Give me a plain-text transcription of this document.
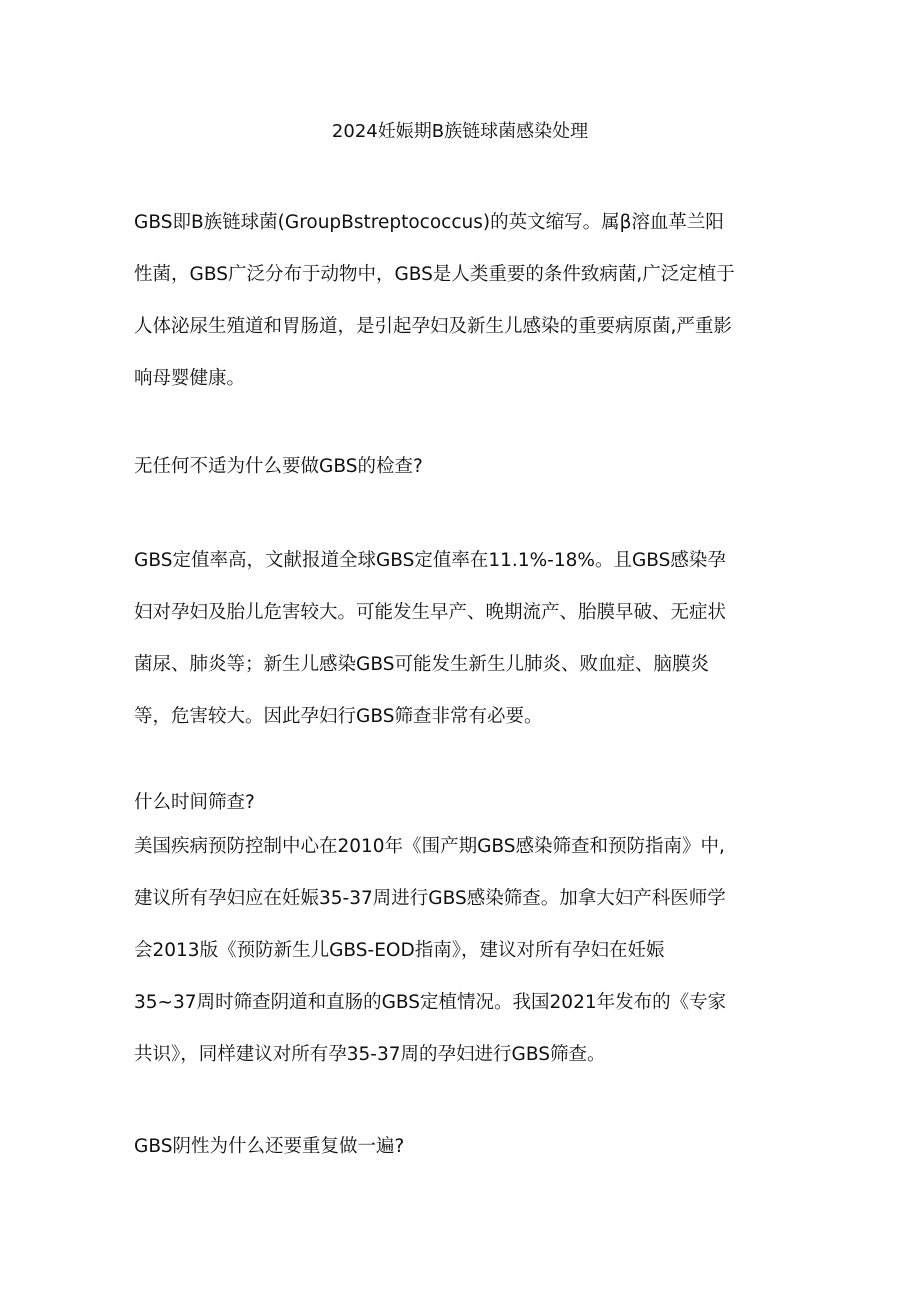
2024妊娠期B族链球菌感染处理

GBS即B族链球菌(GroupBstreptococcus)的英文缩写。属β溶血革兰阳
性菌，GBS广泛分布于动物中，GBS是人类重要的条件致病菌,广泛定植于
人体泌尿生殖道和胃肠道，是引起孕妇及新生儿感染的重要病原菌,严重影
响母婴健康。

无任何不适为什么要做GBS的检查?

GBS定值率高，文献报道全球GBS定值率在11.1%-18%。且GBS感染孕
妇对孕妇及胎儿危害较大。可能发生早产、晚期流产、胎膜早破、无症状
菌尿、肺炎等；新生儿感染GBS可能发生新生儿肺炎、败血症、脑膜炎
等，危害较大。因此孕妇行GBS筛查非常有必要。

什么时间筛查?

美国疾病预防控制中心在2010年《围产期GBS感染筛查和预防指南》中,
建议所有孕妇应在妊娠35-37周进行GBS感染筛查。加拿大妇产科医师学
会2013版《预防新生儿GBS-EOD指南》，建议对所有孕妇在妊娠
35~37周时筛查阴道和直肠的GBS定植情况。我国2021年发布的《专家
共识》，同样建议对所有孕35-37周的孕妇进行GBS筛查。

GBS阴性为什么还要重复做一遍?
